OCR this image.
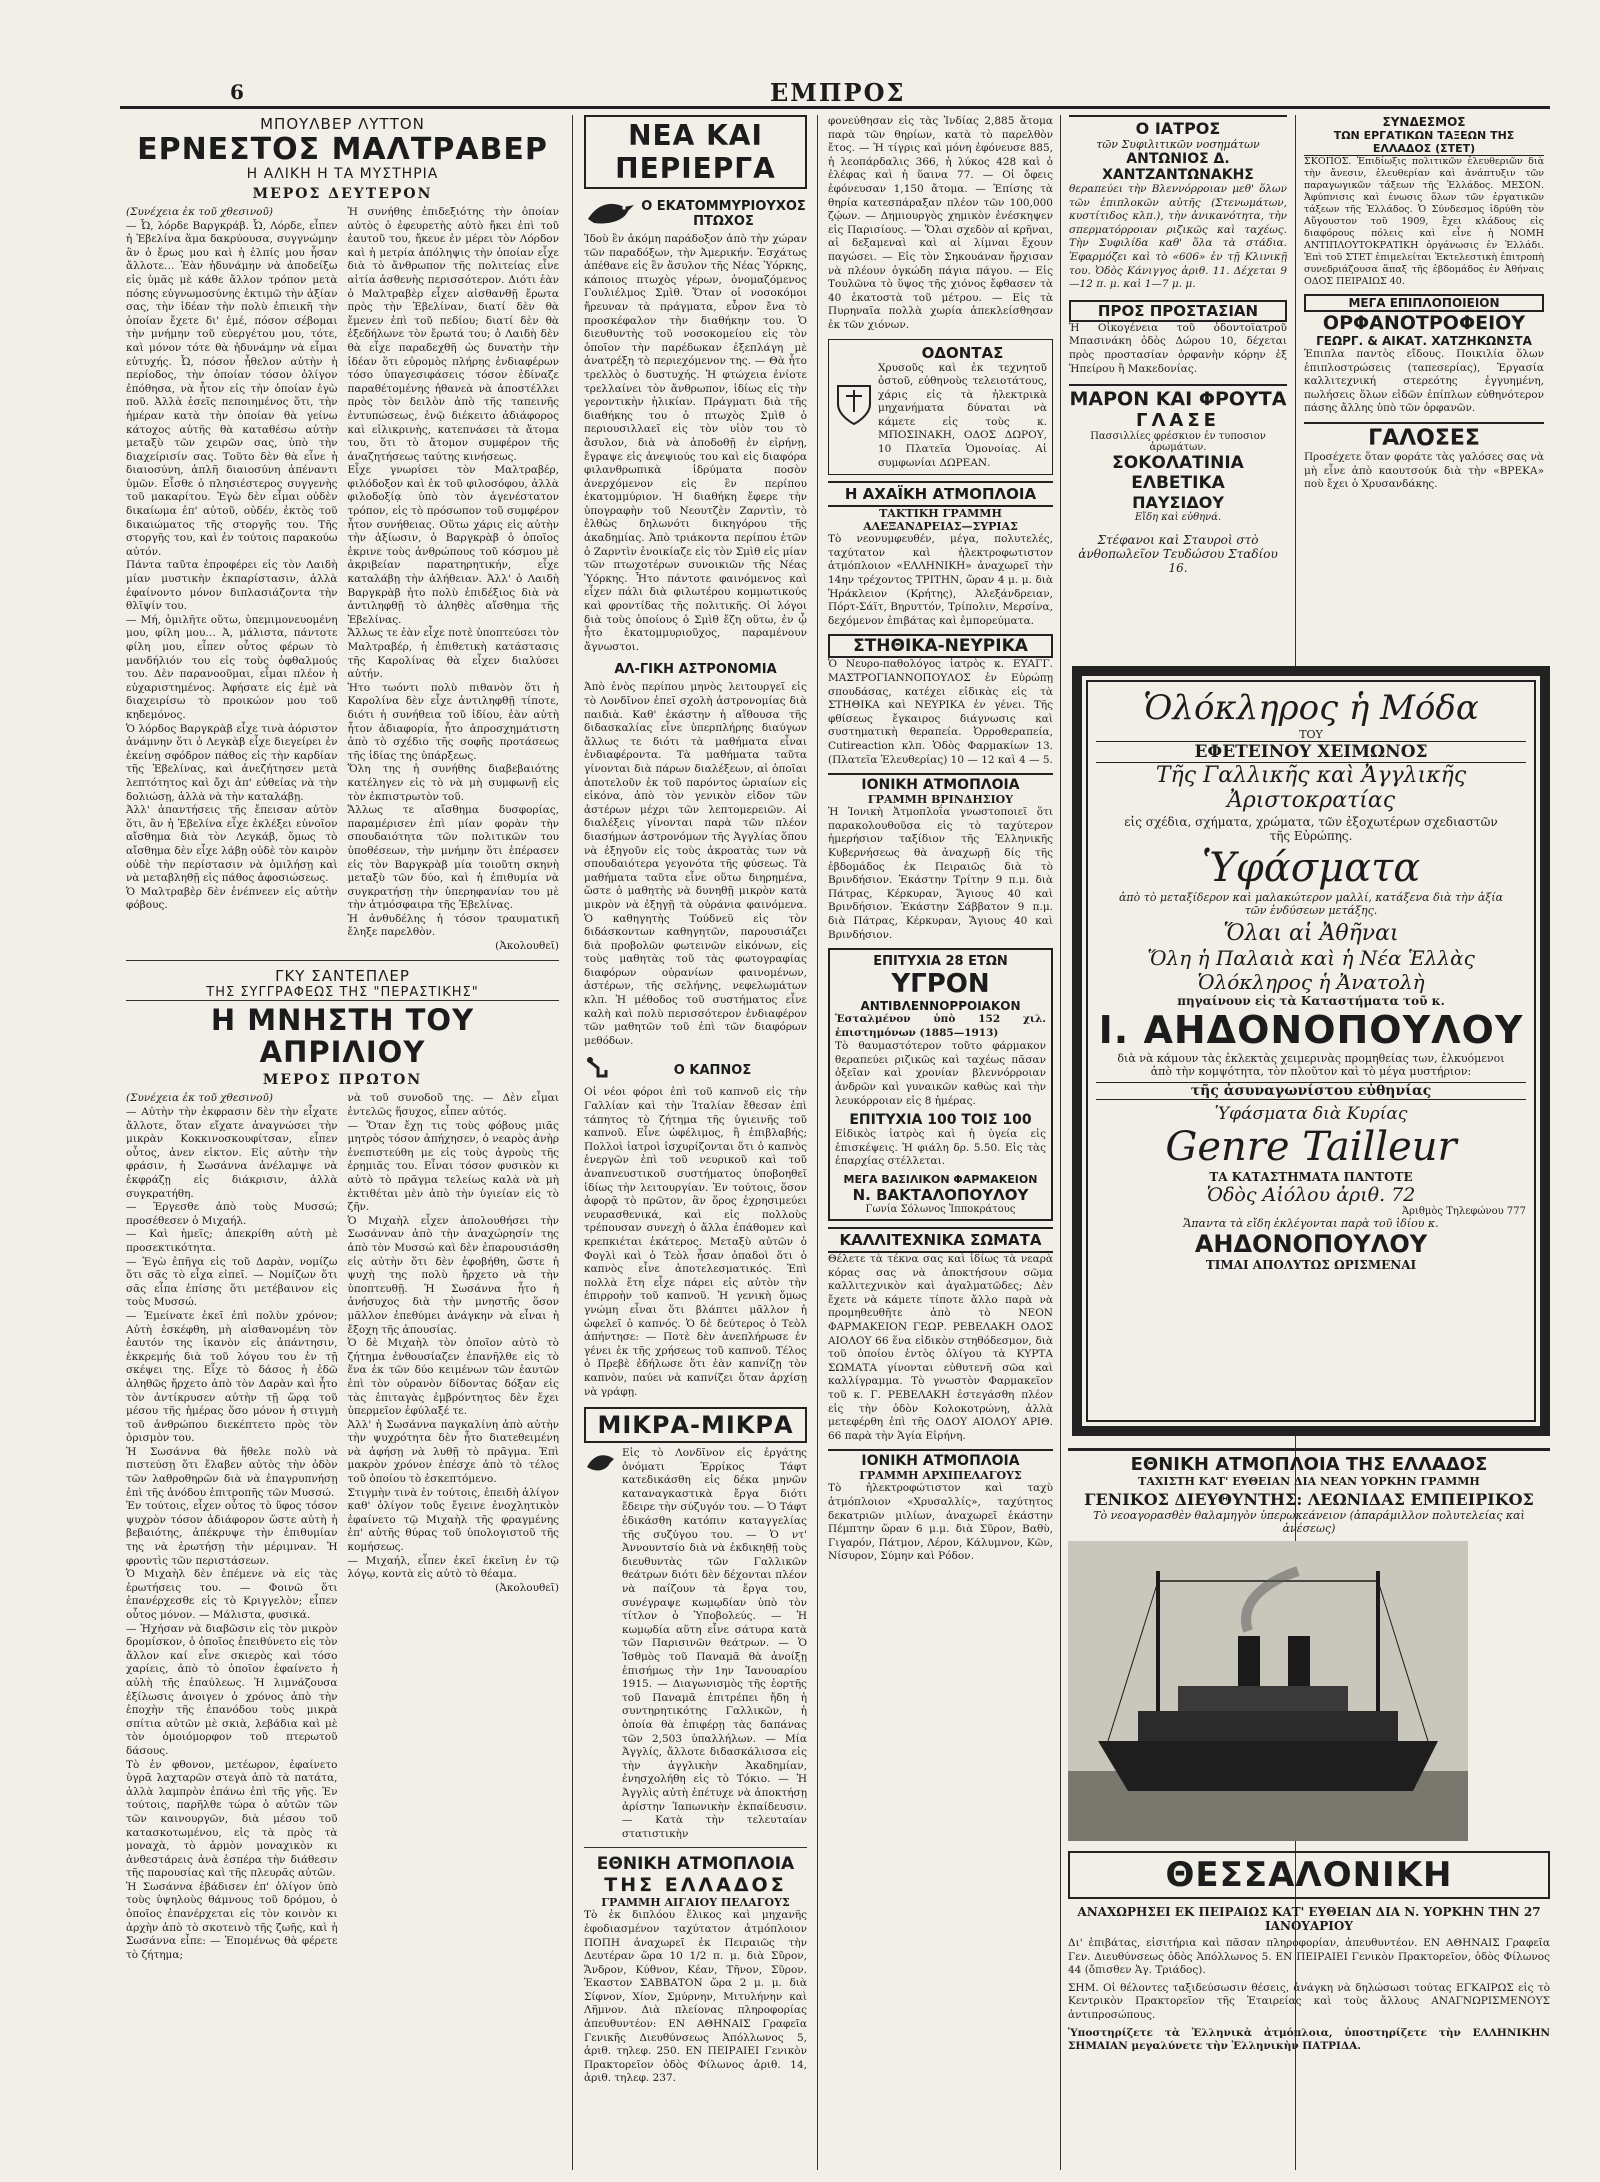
6	ΕΜΠΡΟΣ
ΜΠΟΥΛΒΕΡ ΛΥΤΤΟΝ
ΕΡΝΕΣΤΟΣ ΜΑΛΤΡΑΒΕΡ
Η ΑΛΙΚΗ Η ΤΑ ΜΥΣΤΗΡΙΑ
ΜΕΡΟΣ ΔΕΥΤΕΡΟΝ

(Συνέχεια ἐκ τοῦ χθεσινοῦ)

— Ὦ, λόρδε Βαργκράβ. Ὦ, Λόρδε, εἶπεν ἡ Ἐβελίνα ἅμα δακρύουσα, συγγνώμην ἂν ὁ ἔρως μου καὶ ἡ ἐλπίς μου ἦσαν ἄλλοτε… Ἐὰν ἠδυνάμην νὰ ἀποδείξω εἰς ὑμᾶς μὲ κάθε ἄλλον τρόπον μετὰ πόσης εὐγνωμοσύνης ἐκτιμῶ τὴν ἀξίαν σας, τὴν ἰδέαν τὴν πολὺ ἐπιεικῆ τὴν ὁποίαν ἔχετε δι' ἐμέ, πόσον σέβομαι τὴν μνήμην τοῦ εὐεργέτου μου, τότε, καὶ μόνον τότε θὰ ἠδυνάμην νὰ εἶμαι εὐτυχής. Ὦ, πόσον ἦθελον αὐτὴν ἡ περίοδος, τὴν ὁποίαν τόσον ὀλίγον ἐπόθησα, νὰ ἦτον εἰς τὴν ὁποίαν ἐγὼ ποῦ. Ἀλλὰ ἐσεῖς πεποιημένος ὅτι, τὴν ἡμέραν κατὰ τὴν ὁποίαν θὰ γείνω κάτοχος αὐτῆς θὰ καταθέσω αὐτὴν μεταξὺ τῶν χειρῶν σας, ὑπὸ τὴν διαχείρισίν σας. Τοῦτο δὲν θὰ εἶνε ἡ διαιοσύνη, ἁπλῆ διαιοσύνη ἀπέναντι ὑμῶν. Εἶσθε ὁ πλησιέστερος συγγενὴς τοῦ μακαρίτου. Ἐγὼ δὲν εἶμαι οὐδὲν δικαίωμα ἐπ' αὐτοῦ, οὐδέν, ἐκτὸς τοῦ δικαιώματος τῆς στοργῆς του. Τῆς στοργῆς του, καὶ ἐν τούτοις παρακούω αὐτόν.

Πάντα ταῦτα ἐπροφέρει εἰς τὸν Λαιδὴ μίαν μυστικὴν ἐκπαρίστασιν, ἀλλὰ ἐφαίνοντο μόνον διπλασιάζοντα τὴν θλῖψίν του.

— Μή, ὁμιλῆτε οὕτω, ὑπεμιμονευομένη μου, φίλη μου… Ἀ, μάλιστα, πάντοτε φίλη μου, εἶπεν οὗτος φέρων τὸ μανδήλιόν του εἰς τοὺς ὀφθαλμούς του. Δὲν παρανοοῦμαι, εἶμαι πλέον ἡ εὐχαριστημένος. Ἀφήσατε εἰς ἐμὲ νὰ διαχειρίσω τὸ προικώον μου τοῦ κηδεμόνος.

Ὁ λόρδος Βαργκρὰβ εἶχε τινὰ ἀόριστον ἀνάμνην ὅτι ὁ Λεγκὰβ εἶχε διεγείρει ἐν ἐκείνῃ σφόδρον πάθος εἰς τὴν καρδίαν τῆς Ἐβελίνας, καὶ ἀνεζήτησεν μετὰ λεπτότητος καὶ ὄχι ἀπ' εὐθείας νὰ τὴν δολιώσῃ, ἀλλὰ νὰ τὴν καταλάβῃ.

Ἀλλ' ἀπαντήσεις τῆς ἔπεισαν αὐτὸν ὅτι, ἂν ἡ Ἐβελίνα εἶχε ἐκλέξει εὐνοῖον αἴσθημα διὰ τὸν Λεγκάβ, ὅμως τὸ αἴσθημα δὲν εἶχε λάβῃ οὐδὲ τὸν καιρὸν οὐδὲ τὴν περίστασιν νὰ ὁμιλήσῃ καὶ νὰ μεταβληθῇ εἰς πάθος ἀφοσιώσεως.

Ὁ Μαλτραβὲρ δὲν ἐνέπνεεν εἰς αὐτὴν φόβους.

Ἡ συνήθης ἐπιδεξιότης τὴν ὁποίαν αὐτὸς ὁ ἐφευρετὴς αὐτὸ ἤκει ἐπὶ τοῦ ἑαυτοῦ του, ἤκευε ἐν μέρει τὸν Λόρδον καὶ ἡ μετρία ἀπόληψις τὴν ὁποίαν εἶχε διὰ τὸ ἄνθρωπον τῆς πολιτείας εἶνε αἰτία ἀσθενὴς περισσότερον. Διότι ἐὰν ὁ Μαλτραβὲρ εἶχεν αἰσθανθῇ ἔρωτα πρὸς τὴν Ἐβελίναν, διατί δὲν θὰ ἔμενεν ἐπὶ τοῦ πεδίου; διατί δὲν θὰ ἐξεδήλωνε τὸν ἔρωτά του; ὁ Λαιδὴ δὲν θὰ εἶχε παραδεχθῆ ὡς δυνατὴν τὴν ἰδέαν ὅτι εὑρομὸς πλήρης ἐνδιαφέρων τόσο ὑπαγεσιφάσεις τόσον ἐδίναζε παραθέτομένης ἠθανεὰ νὰ ἀποστέλλει πρὸς τὸν δειλὸν ἀπὸ τῆς ταπεινῆς ἐντυπώσεως, ἐνῷ διέκειτο ἀδιάφορος καὶ εἰλικρινὴς, κατεπνάσει τὰ ἄτομα του, ὅτι τὸ ἄτομον συμφέρον τῆς ἀναζητήσεως ταύτης κινήσεως.

Εἶχε γνωρίσει τὸν Μαλτραβέρ, φιλόδοξον καὶ ἐκ τοῦ φιλοσόφου, ἀλλὰ φιλοδοξίᾳ ὑπὸ τὸν ἀγενέστατον τρόπον, εἰς τὸ πρόσωπον τοῦ συμφέρον ἧτον συνήθειας. Οὕτω χάρις εἰς αὐτὴν τὴν ἀξίωσιν, ὁ Βαργκρὰβ ὁ ὁποῖος ἐκρινε τοὺς ἀνθρώπους τοῦ κόσμου μὲ ἀκριβείαν παρατηρητικήν, εἶχε καταλάβῃ τὴν ἀλήθειαν. Ἀλλ' ὁ Λαιδὴ Βαργκρὰβ ἠτο πολὺ ἐπιδέξιος διὰ νὰ ἀντιληφθῇ τὸ ἀληθὲς αἴσθημα τῆς Ἐβελίνας.

Ἄλλως τε ἐὰν εἶχε ποτὲ ὑποπτεύσει τὸν Μαλτραβέρ, ἡ ἐπιθετικὴ κατάστασις τῆς Καρολίνας θὰ εἶχεν διαλύσει αὐτήν.

Ἡτο τωόντι πολὺ πιθανὸν ὅτι ἡ Καρολίνα δὲν εἶχε ἀντιληφθῇ τίποτε, διότι ἡ συνήθεια τοῦ ἰδίου, ἐὰν αὐτὴ ἦτον ἀδιαφορία, ἦτο ἀπροσχημάτιστη ἀπὸ τὸ σχέδιο τῆς σοφῆς προτάσεως τῆς ἰδίας της ὑπάρξεως.

Ὅλη της ἡ συνήθης διαβεβαιότης κατέληγεν εἰς τὸ νὰ μὴ συμφωνῇ εἰς τὸν ἐκπιστρωτὸν τοῦ.

Ἄλλως τε αἴσθημα δυσφορίας, παραμέρισεν ἐπὶ μίαν φορὰν τὴν σπουδαιότητα τῶν πολιτικῶν του ὑποθέσεων, τὴν μνήμην ὅτι ἐπέρασεν εἰς τὸν Βαργκρὰβ μία τοιοῦτη σκηνὴ μεταξὺ τῶν δύο, καὶ ἡ ἐπιθυμία νὰ συγκρατήσῃ τὴν ὑπερηφανίαν του μὲ τὴν ἀτμόσφαιρα τῆς Ἐβελίνας.

Ἡ ἀνθυδέλης ἡ τόσον τραυματικῆ ἔληξε παρελθὸν.

(Ἀκολουθεῖ)

ΓΚΥ ΣΑΝΤΕΠΛΕΡ
ΤΗΣ ΣΥΓΓΡΑΦΕΩΣ ΤΗΣ "ΠΕΡΑΣΤΙΚΗΣ"
Η ΜΝΗΣΤΗ ΤΟΥ ΑΠΡΙΛΙΟΥ
ΜΕΡΟΣ ΠΡΩΤΟΝ

(Συνέχεια ἐκ τοῦ χθεσινοῦ)

— Αὐτὴν τὴν ἐκφρασιν δὲν τὴν εἶχατε ἄλλοτε, ὅταν εἴχατε ἀναγνώσει τὴν μικρὰν Κοκκινοσκουφίτσαν, εἶπεν οὗτος, ἀνεν εἰκτον. Εἰς αὐτὴν τὴν φράσιν, ἡ Σωσάννα ἀνέλαμψε νὰ ἐκφράζῃ εἰς διάκρισιν, ἀλλὰ συγκρατήθη.

— Ἐργεσθε ἀπὸ τοὺς Μυσσώ; προσέθεσεν ὁ Μιχαήλ.

— Καὶ ἡμεῖς; ἀπεκρίθη αὐτὴ μὲ προσεκτικότητα.

— Ἐγὼ ἐπῆγα εἰς τοῦ Δαρὰν, νομίζω ὅτι σᾶς τὸ εἶχα εἰπεῖ. — Νομίζων ὅτι σᾶς εἶπα ἐπίσης ὅτι μετέβαινον εἰς τοὺς Μυσσώ.

— Ἐμείνατε ἐκεῖ ἐπὶ πολὺν χρόνον; Αὐτὴ ἐσκέφθη, μὴ αἰσθανομένη τὸν ἑαυτόν της ἱκανὸν εἰς ἀπάντησιν, ἐκκρεμής διὰ τοῦ λόγου του ἐν τῇ σκέψει της. Εἶχε τὸ δάσος ἡ ἐδῶ ἀληθῶς ἤρχετο ἀπὸ τὸν Δαρὰν καὶ ἦτο τὸν ἀντίκρυσεν αὐτὴν τῇ ὥρᾳ τοῦ μέσου τῆς ἡμέρας ὅσο μόνον ἡ στιγμὴ τοῦ ἀνθρώπου διεκέπτετο πρὸς τὸν ὁρισμὸν του.

Ἡ Σωσάννα θὰ ἤθελε πολὺ νὰ πιστεύσῃ ὅτι ἔλαβεν αὐτὸς τὴν ὁδὸν τῶν λαθροθηρῶν διὰ νὰ ἐπαγρυπνήσῃ ἐπὶ τῆς ἀνόδου ἐπιτροπῆς τῶν Μυσσώ.

Ἐν τούτοις, εἶχεν οὗτος τὸ ὕφος τόσον ψυχρὸν τόσον ἀδιάφορον ὥστε αὐτὴ ἡ βεβαιότης, ἀπέκρυψε τὴν ἐπιθυμίαν της νὰ ἐρωτήσῃ τὴν μέριμναν. Ἡ φροντὶς τῶν περιστάσεων.

Ὁ Μιχαὴλ δὲν ἐπέμενε νὰ εἰς τὰς ἐρωτήσεις του. — Φοινῶ ὅτι ἐπανέρχεσθε εἰς τὸ Κριγγελὸν; εἶπεν οὗτος μόνον. — Μάλιστα, φυσικά.

— Ἠχήσαν νὰ διαβῶσιν εἰς τὸν μικρὸν δρομίσκον, ὁ ὁποῖος ἐπειθύνετο εἰς τὸν ἄλλον καί εἶνε σκιερὸς καὶ τόσο χαρίεις, ἀπὸ τὸ ὁποῖον ἐφαίνετο ἡ αὐλὴ τῆς ἐπαύλεως. Ἡ λιμνάζουσα ἐξίλωσις ἀνοιγεν ὁ χρόνος ἀπὸ τὴν ἐποχὴν τῆς ἐπανόδου τοὺς μικρὰ σπίτια αὐτῶν μὲ σκιὰ, λεβάδια καὶ μὲ τὸν ὁμοιόμορφον τοῦ πτερωτοῦ δάσους.

Τὸ ἐν φθονον, μετέωρον, ἐφαίνετο ὑγρᾶ λαχταρῶν στεγὰ ἀπὸ τὰ πατάτα, ἀλλὰ λαμπρὸν ἐπάνω ἐπὶ τῆς γῆς. Ἐν τούτοις, παρῆλθε τώρα ὁ αὐτῶν τῶν τῶν καινουργῶν, διὰ μέσου τοῦ κατασκοτωμένου, εἰς τὰ πρὸς τὰ μοναχὰ, τὸ ἁρμὸν μοναχικὸν κι ἀνθεστάρεις ἀνὰ ἑσπέρα τὴν διάθεσιν τῆς παρουσίας καὶ τῆς πλευρᾶς αὐτῶν.

Ἡ Σωσάννα ἐβάδισεν ἐπ' ὀλίγον ὑπὸ τοὺς ὑψηλοὺς θάμνους τοῦ δρόμου, ὁ ὁποῖος ἐπανέρχεται εἰς τὸν κοινὸν κι ἀρχὴν ἀπὸ τὸ σκοτεινὸ τῆς ζωῆς, καὶ ἡ Σωσάννα εἶπε: — Ἐπομένως θὰ φέρετε τὸ ζήτημα;

νὰ τοῦ συνοδοῦ της. — Δὲν εἶμαι ἐντελῶς ἥσυχος, εἶπεν αὐτός.

— Ὅταν ἔχῃ τις τοὺς φόβους μιᾶς μητρὸς τόσον ἀπήχησεν, ὁ νεαρὸς ἀνὴρ ἐνεπιστεύθη με εἰς τοὺς ἀγροὺς τῆς ἐρημιᾶς του. Εἶναι τόσον φυσικὸν κι αὐτὸ τὸ πρᾶγμα τελείως καλὰ νὰ μὴ ἐκτιθέται μὲν ἀπὸ τὴν ὑγιείαν εἰς τὸ ζῆν.

Ὁ Μιχαὴλ εἶχεν ἀπολουθήσει τὴν Σωσάνναν ἀπὸ τὴν ἀναχώρησίν της ἀπὸ τὸν Μυσσώ καὶ δὲν ἐπαρουσιάσθη εἰς αὐτὴν ὅτι δὲν ἐφοβήθη, ὥστε ἡ ψυχὴ της πολὺ ἤρχετο νὰ τὴν ὑποπτευθῇ. Ἡ Σωσάννα ἦτο ἡ ἀνήσυχος διὰ τὴν μνηστῆς ὅσον μᾶλλον ἐπεθύμει ἀνάγκην νὰ εἶναι ἡ ἔξοχη τῆς ἀπουσίας.

Ὁ δὲ Μιχαὴλ τὸν ὁποῖον αὐτὸ τὸ ζήτημα ἐνθουσίαζεν ἐπανῆλθε εἰς τὸ ἕνα ἐκ τῶν δύο κειμένων τῶν ἑαυτῶν ἐπὶ τὸν οὐρανὸν δίδοντας δόξαν εἰς τὰς ἐπιταγὰς ἐμβρόντητος δὲν ἔχει ὑπερμεῖον ἐφύλαξέ τε.

Ἀλλ' ἡ Σωσάννα παγκαλίνη ἀπὸ αὐτὴν τὴν ψυχρότητα δὲν ἦτο διατεθειμένη νὰ ἀφήσῃ νὰ λυθῇ τὸ πρᾶγμα. Ἐπὶ μακρὸν χρόνον ἐπέσχε ἀπὸ τὸ τέλος τοῦ ὁποίου τὸ ἐσκεπτόμενο.

Στιγμὴν τινὰ ἐν τούτοις, ἐπειδὴ ἀλίγον καθ' ὁλίγον τοῦς ἔγεινε ἐνοχλητικὸν ἐφαίνετο τῷ Μιχαὴλ τῆς φραγμένης ἐπ' αὐτῆς θύρας τοῦ ὑπολογιστοῦ τῆς κομήσεως.

— Μιχαήλ, εἶπεν ἐκεῖ ἐκεῖνη ἐν τῷ λόγῳ, κοντὰ εἰς αὐτὸ τὸ θέαμα.

(Ἀκολουθεῖ)

ΝΕΑ ΚΑΙ ΠΕΡΙΕΡΓΑ
Ο ΕΚΑΤΟΜΜΥΡΙΟΥΧΟΣ ΠΤΩΧΟΣ

Ἰδοὺ ἓν ἀκόμη παράδοξον ἀπὸ τὴν χώραν τῶν παραδόξων, τὴν Ἀμερικήν. Ἐσχάτως ἀπέθανε εἰς ἓν ἄσυλον τῆς Νέας Ὑόρκης, κάποιος πτωχὸς γέρων, ὀνομαζόμενος Γουλιέλμος Σμὶθ. Ὅταν οἱ νοσοκόμοι ἤρευναν τὰ πράγματα, εὗρον ἔνα τὸ προσκέφαλον τὴν διαθήκην του. Ὁ διευθυντὴς τοῦ νοσοκομείου εἰς τὸν ὁποῖον τὴν παρέδωκαν ἐξεπλάγη μὲ ἀνατρέξη τὸ περιεχόμενον της. — Θὰ ἦτο τρελλὸς ὁ δυστυχής. Ἡ φτώχεια ἐνίοτε τρελλαίνει τὸν ἄνθρωπον, ἰδίως εἰς τὴν γεροντικὴν ἡλικίαν. Πράγματι διὰ τῆς διαθήκης του ὁ πτωχὸς Σμὶθ ὁ περιουσιλλαεῖ εἰς τὸν υἱὸν του τὸ ἄσυλον, διὰ νὰ ἀποδοθῇ ἐν εἰρήνῃ, ἔγραψε εἰς ἀνεψιούς του καὶ εἰς διαφόρα φιλανθρωπικὰ ἱδρύματα ποσὸν ἀνερχόμενον εἰς ἓν περίπου ἑκατομμύριον. Ἡ διαθήκη ἔφερε τὴν ὑπογραφὴν τοῦ Νεουτζὲν Ζαρντὶν, τὸ ἐλθὼς δηλωνότι δικηγόρου τῆς ἀκαδημίας. Ἀπὸ τριάκοντα περίπου ἐτῶν ὁ Ζαρντὶν ἐνοικίαζε εἰς τὸν Σμὶθ εἰς μίαν τῶν πτωχοτέρων συνοικιῶν τῆς Νέας Ὑόρκης. Ἦτο πάντοτε φαινόμενος καὶ εἶχεν πάλι διὰ φιλωτέρου κομμωτικούς καὶ φροντίδας τῆς πολιτικῆς. Οἱ λόγοι διὰ τοὺς ὁποίους ὁ Σμὶθ ἔζη οὕτω, ἐν ᾧ ἦτο ἑκατομμυριοῦχος, παραμένουν ἄγνωστοι.

ΑΛ-ΓΙΚΗ ΑΣΤΡΟΝΟΜΙΑ

Ἀπὸ ἑνὸς περίπου μηνὸς λειτουργεῖ εἰς τὸ Λονδῖνον ἐπεῖ σχολὴ ἀστρονομίας διὰ παιδιὰ. Καθ' ἑκάστην ἡ αἴθουσα τῆς διδασκαλίας εἶνε ὑπερπλήρης διαύγων ἄλλως τε διότι τὰ μαθήματα εἶναι ἐνδιαφέροντα. Τὰ μαθήματα ταῦτα γίνονται διὰ πάρων διαλέξεων, αἱ ὁποῖαι ἀποτελοῦν ἐκ τοῦ παρόντος ὡριαίων εἰς εἰκόνα, ἀπὸ τὸν γενικὸν εἰδον τῶν ἀστέρων μέχρι τῶν λεπτομερειῶν. Αἱ διαλέξεις γίνονται παρὰ τῶν πλέον διασήμων ἀστρονόμων τῆς Ἀγγλίας ὅπου νὰ ἐξηγοῦν εἰς τοὺς ἀκροατὰς των νὰ σπουδαιότερα γεγονότα τῆς φύσεως. Τὰ μαθήματα ταῦτα εἶνε οὕτω διηρημένα, ὥστε ὁ μαθητὴς νὰ δυνηθῇ μικρὸν κατὰ μικρὸν νὰ ἐξηγῇ τὰ οὐράνια φαινόμενα. Ὁ καθηγητὴς Τούδνεϋ εἰς τὸν διδάσκοντων καθηγητῶν, παρουσιάζει διὰ προβολῶν φωτεινῶν εἰκόνων, εἰς τοὺς μαθητὰς τοῦ τὰς φωτογραφίας διαφόρων οὐρανίων φαινομένων, ἀστέρων, τῆς σελήνης, νεφελωμάτων κλπ. Ἡ μέθοδος τοῦ συστήματος εἶνε καλὴ καὶ πολὺ περισσότερον ἐνδιαφέρον τῶν μαθητῶν τοῦ ἐπὶ τῶν διαφόρων μεθόδων.

Ο ΚΑΠΝΟΣ

Οἱ νέοι φόροι ἐπὶ τοῦ καπνοῦ εἰς τὴν Γαλλίαν καὶ τὴν Ἰταλίαν ἔθεσαν ἐπὶ τάπητος τὸ ζήτημα τῆς ὑγιεινῆς τοῦ καπνοῦ. Εἶνε ὠφέλιμος, ἢ ἐπιβλαβής; Πολλοὶ ἰατροὶ ἰσχυρίζονται ὅτι ὁ καπνὸς ἐνεργῶν ἐπὶ τοῦ νευρικοῦ καὶ τοῦ ἀναπνευστικοῦ συστήματος ὑποβοηθεῖ ἰδίως τὴν λειτουργίαν. Ἐν τούτοις, ὅσον ἀφορᾷ τὸ πρῶτον, ἂν ὅρος ἐχρησιμεύει νευρασθενικά, καὶ εἰς πολλοὺς τρέπουσαν συνεχὴ ὁ ἄλλα ἐπάθομεν καὶ κρεπκιέται ἑκάτερος. Μεταξὺ αὐτῶν ὁ Φογλὶ καὶ ὁ Τεὸλ ἦσαν ὀπαδοὶ ὅτι ὁ καπνὸς εἶνε ἀποτελεσματικός. Ἐπὶ πολλὰ ἔτη εἶχε πάρει εἰς αὐτὸν τὴν ἐπιρροὴν τοῦ καπνοῦ. Ἡ γενικὴ ὅμως γνώμη εἶναι ὅτι βλάπτει μᾶλλον ἡ ὠφελεῖ ὁ καπνός. Ὁ δὲ δεύτερος ὁ Τεὸλ ἀπήντησε: — Ποτὲ δὲν ἀνεπλήρωσε ἐν γένει ἐκ τῆς χρήσεως τοῦ καπνοῦ. Τέλος ὁ Πρεβὲ ἐδήλωσε ὅτι ἐὰν καπνίζῃ τὸν καπνὸν, παύει νὰ καπνίζει ὅταν ἀρχίσῃ νὰ γράφῃ.

ΜΙΚΡΑ-ΜΙΚΡΑ

Εἰς τὸ Λονδῖνον εἰς ἐργάτης ὀνόματι Ἐρρίκος Τάφτ κατεδικάσθη εἰς δέκα μηνῶν καταναγκαστικὰ ἔργα διότι ἔδειρε τὴν σύζυγόν του. — Ὁ Τάφτ ἐδικάσθη κατόπιν καταγγελίας τῆς συζύγου του. — Ὁ ντ' Ἀννουντσίο διὰ νὰ ἐκδικηθῇ τοὺς διευθυντὰς τῶν Γαλλικῶν θεάτρων διότι δὲν δέχονται πλέον νὰ παίζουν τὰ ἔργα του, συνέγραψε κωμῳδίαν ὑπὸ τὸν τίτλον ὁ Ὑποβολεύς. — Ἡ κωμῳδία αὕτη εἶνε σάτυρα κατὰ τῶν Παρισινῶν θεάτρων. — Ὁ Ἰσθμὸς τοῦ Παναμᾶ θὰ ἀνοίξῃ ἐπισήμως τὴν 1ην Ἰανουαρίου 1915. — Διαγωνισμὸς τῆς ἐορτῆς τοῦ Παναμᾶ ἐπιτρέπει ἤδη ἡ συντηρητικότης Γαλλικῶν, ἡ ὁποία θὰ ἐπιφέρῃ τὰς δαπάνας τῶν 2,503 ὑπαλλήλων. — Μία Ἀγγλίς, ἄλλοτε διδασκάλισσα εἰς τὴν ἀγγλικὴν Ἀκαδημίαν, ἐνησχολήθη εἰς τὸ Τόκιο. — Ἡ Ἀγγλὶς αὐτὴ ἐπέτυχε νὰ ἀποκτήσῃ ἀρίστην Ἰαπωνικὴν ἐκπαίδευσιν. — Κατὰ τὴν τελευταίαν στατιστικὴν

ΕΘΝΙΚΗ ΑΤΜΟΠΛΟΙΑ
ΤΗΣ ΕΛΛΑΔΟΣ
ΓΡΑΜΜΗ ΑΙΓΑΙΟΥ ΠΕΛΑΓΟΥΣ

Τὸ ἐκ διπλόου ἕλικος καὶ μηχανῆς ἐφοδιασμένον ταχύτατον ἀτμόπλοιον ΠΟΠΗ ἀναχωρεῖ ἐκ Πειραιῶς τὴν Δευτέραν ὥρα 10 1/2 π. μ. διὰ Σῦρον, Ἄνδρον, Κύθνον, Κέαν, Τῆνον, Σῦρον. Ἐκαστον ΣΑΒΒΑΤΟΝ ὥρα 2 μ. μ. διὰ Σίφνον, Χίον, Σμύρνην, Μιτυλήνην καὶ Λῆμνον. Διὰ πλείονας πληροφορίας ἀπευθυντέον: ΕΝ ΑΘΗΝΑΙΣ Γραφεῖα Γενικῆς Διευθύνσεως Ἀπόλλωνος 5, ἀριθ. τηλεφ. 250. ΕΝ ΠΕΙΡΑΙΕΙ Γενικὸν Πρακτορεῖον ὁδὸς Φίλωνος ἀριθ. 14, ἀριθ. τηλεφ. 237.

φονεύθησαν εἰς τὰς Ἰνδίας 2,885 ἄτομα παρὰ τῶν θηρίων, κατὰ τὸ παρελθὸν ἔτος. — Ἡ τίγρις καὶ μόνη ἐφόνευσε 885, ἡ λεοπάρδαλις 366, ἡ λύκος 428 καὶ ὁ ἐλέφας καὶ ἡ ὕαινα 77. — Οἱ ὄφεις ἐφόνευσαν 1,150 ἄτομα. — Ἐπίσης τὰ θηρία κατεσπάραξαν πλέον τῶν 100,000 ζῴων. — Δημιουργὸς χημικὸν ἐνέσκηψεν εἰς Παρισίους. — Ὅλαι σχεδὸν αἱ κρῆναι, αἱ δεξαμεναὶ καὶ αἱ λίμναι ἔχουν παγώσει. — Εἰς τὸν Σηκουάναν ἤρχισαν νὰ πλέουν ὀγκώδη πάγια πάγου. — Εἰς Τουλῶνα τὸ ὕψος τῆς χιόνος ἔφθασεν τὰ 40 ἑκατοστὰ τοῦ μέτρου. — Εἰς τὰ Πυρηναῖα πολλὰ χωρία ἀπεκλείσθησαν ἐκ τῶν χιόνων.

ΟΔΟΝΤΑΣ

Χρυσοῦς καὶ ἐκ τεχνητοῦ ὀστοῦ, εὐθηνοὺς τελειοτάτους, χάρις εἰς τὰ ἠλεκτρικὰ μηχανήματα δύναται νὰ κάμετε εἰς τοὺς κ. ΜΠΟΣΙΝΑΚΗ, ΟΔΟΣ ΔΩΡΟΥ, 10 Πλατεῖα Ὁμονοίας. Αἱ συμφωνίαι ΔΩΡΕΑΝ.

Η ΑΧΑΪΚΗ ΑΤΜΟΠΛΟΙΑ
ΤΑΚΤΙΚΗ ΓΡΑΜΜΗ ΑΛΕΞΑΝΔΡΕΙΑΣ—ΣΥΡΙΑΣ

Τὸ νεονυμφευθέν, μέγα, πολυτελές, ταχύτατον καὶ ἠλεκτροφωτιστον ἀτμόπλοιον «ΕΛΛΗΝΙΚΗ» ἀναχωρεῖ τὴν 14ην τρέχοντος ΤΡΙΤΗΝ, ὥραν 4 μ. μ. διὰ Ἡράκλειον (Κρήτης), Ἀλεξάνδρειαν, Πόρτ-Σάϊτ, Βηρυττόν, Τρίπολιν, Μερσίνα, δεχόμενον ἐπιβάτας καὶ ἐμπορεύματα.

ΣΤΗΘΙΚΑ-ΝΕΥΡΙΚΑ

Ὁ Νευρο-παθολόγος ἰατρὸς κ. ΕΥΑΓΓ. ΜΑΣΤΡΟΓΙΑΝΝΟΠΟΥΛΟΣ ἐν Εὐρώπῃ σπουδάσας, κατέχει εἰδικὰς εἰς τὰ ΣΤΗΘΙΚΑ καὶ ΝΕΥΡΙΚΑ ἐν γένει. Τῆς φθίσεως ἔγκαιρος διάγνωσις καὶ συστηματικὴ θεραπεία. Ὀρροθεραπεία, Cutireaction κλπ. Ὁδὸς Φαρμακίων 13. (Πλατεῖα Ἐλευθερίας) 10 — 12 καὶ 4 — 5.

ΙΟΝΙΚΗ ΑΤΜΟΠΛΟΙΑ
ΓΡΑΜΜΗ ΒΡΙΝΔΗΣΙΟΥ

Ἡ Ἰονικὴ Ἀτμοπλοΐα γνωστοποιεῖ ὅτι παρακολουθοῦσα εἰς τὸ ταχύτερον ἡμερήσιον ταξίδιον τῆς Ἐλληνικῆς Κυβερνήσεως θὰ ἀναχωρῇ δίς τῆς ἑβδομάδος ἐκ Πειραιῶς διὰ τὸ Βρινδήσιον. Ἐκάστην Τρίτην 9 π.μ. διὰ Πάτρας, Κέρκυραν, Ἅγιους 40 καὶ Βρινδήσιον. Ἐκάστην Σάββατον 9 π.μ. διὰ Πάτρας, Κέρκυραν, Ἅγιους 40 καὶ Βρινδήσιον.

ΕΠΙΤΥΧΙΑ 28 ΕΤΩΝ
ΥΓΡΟΝ
ΑΝΤΙΒΛΕΝΝΟΡΡΟΙΑΚΟΝ

Ἐσταλμένον ὑπὸ 152 χιλ. ἐπιστημόνων (1885—1913)

Τὸ θαυμαστότερον τοῦτο φάρμακον θεραπεύει ριζικῶς καὶ ταχέως πᾶσαν ὀξεῖαν καὶ χρονίαν βλεννόρροιαν ἀνδρῶν καὶ γυναικῶν καθὼς καὶ τὴν λευκόρροιαν εἰς 8 ἡμέρας.

ΕΠΙΤΥΧΙΑ 100 ΤΟΙΣ 100

Εἰδικὸς ἰατρὸς καὶ ἡ ὑγεία εἰς ἐπισκέψεις. Ἡ φιάλη δρ. 5.50. Εἰς τὰς ἐπαρχίας στέλλεται.

ΜΕΓΑ ΒΑΣΙΛΙΚΟΝ ΦΑΡΜΑΚΕΙΟΝ
Ν. ΒΑΚΤΑΛΟΠΟΥΛΟΥ
Γωνία Σόλωνος Ἱπποκράτους
ΚΑΛΛΙΤΕΧΝΙΚΑ ΣΩΜΑΤΑ

Θέλετε τὰ τέκνα σας καὶ ἰδίως τὰ νεαρὰ κόρας σας νὰ ἀποκτήσουν σῶμα καλλιτεχνικὸν καὶ ἀγαλματῶδες; Δὲν ἔχετε νὰ κάμετε τίποτε ἄλλο παρὰ νὰ προμηθευθῆτε ἀπὸ τὸ ΝΕΟΝ ΦΑΡΜΑΚΕΙΟΝ ΓΕΩΡ. ΡΕΒΕΛΑΚΗ ΟΔΟΣ ΑΙΟΛΟΥ 66 ἕνα εἰδικὸν στηθόδεσμον, διὰ τοῦ ὁποίου ἐντὸς ὀλίγου τὰ ΚΥΡΤΑ ΣΩΜΑΤΑ γίνονται εὐθυτενῆ σῶα καὶ καλλίγραμμα. Τὸ γνωστὸν Φαρμακεῖον τοῦ κ. Γ. ΡΕΒΕΛΑΚΗ ἐστεγάσθη πλέον εἰς τὴν ὁδὸν Κολοκοτρώνη, ἀλλὰ μετεφέρθη ἐπὶ τῆς ΟΔΟΥ ΑΙΟΛΟΥ ΑΡΙΘ. 66 παρὰ τὴν Ἁγία Εἰρήνη.

ΙΟΝΙΚΗ ΑΤΜΟΠΛΟΙΑ
ΓΡΑΜΜΗ ΑΡΧΙΠΕΛΑΓΟΥΣ

Τὸ ἠλεκτροφώτιστον καὶ ταχὺ ἀτμόπλοιον «Χρυσαλλίς», ταχύτητος δεκατριῶν μιλίων, ἀναχωρεῖ ἑκάστην Πέμπτην ὥραν 6 μ.μ. διὰ Σῦρον, Βαθὺ, Γιγαρόν, Πάτμον, Λέρον, Κάλυμνον, Κῶν, Νίσυρον, Σύμην καὶ Ρόδον.

Ο ΙΑΤΡΟΣ
τῶν Συφιλιτικῶν νοσημάτων
ΑΝΤΩΝΙΟΣ Δ. ΧΑΝΤΖΑΝΤΩΝΑΚΗΣ

θεραπεύει τὴν Βλεννόρροιαν μεθ' ὅλων τῶν ἐπιπλοκῶν αὐτῆς (Στενωμάτων, κυστίτιδος κλπ.), τὴν ἀνικανότητα, τὴν σπερματόρροιαν ριζικῶς καὶ ταχέως. Τὴν Συφιλίδα καθ' ὅλα τὰ στάδια. Ἐφαρμόζει καὶ τὸ «606» ἐν τῇ Κλινικῇ του. Ὁδὸς Κάνιγγος ἀριθ. 11. Δέχεται 9—12 π. μ. καὶ 1—7 μ. μ.

ΠΡΟΣ ΠΡΟΣΤΑΣΙΑΝ

Ἡ Οἰκογένεια τοῦ ὁδοντοϊατροῦ Μπασινάκη ὁδὸς Δώρου 10, δέχεται πρὸς προστασίαν ὀρφανὴν κόρην ἐξ Ἠπείρου ἢ Μακεδονίας.

ΜΑΡΟΝ ΚΑΙ ΦΡΟΥΤΑ
ΓΛΑΣΕ
Πασσιλλίες φρέσκιον ἐν τυποσιον ἀρωμάτων.
ΣΟΚΟΛΑΤΙΝΙΑ ΕΛΒΕΤΙΚΑ
ΠΑΥΣΙΔΟΥ
Εἴδη καὶ εὐθηνά.
Στέφανοι καὶ Σταυροὶ στὸ ἀνθοπωλεῖον Τευδώσου Σταδίου 16.
ΣΥΝΔΕΣΜΟΣ
ΤΩΝ ΕΡΓΑΤΙΚΩΝ ΤΑΞΕΩΝ ΤΗΣ ΕΛΛΑΔΟΣ (ΣΤΕΤ)

ΣΚΟΠΟΣ. Ἐπιδίωξις πολιτικῶν ἐλευθεριῶν διὰ τὴν ἄνεσιν, ἐλευθερίαν καὶ ἀνάπτυξιν τῶν παραγωγικῶν τάξεων τῆς Ἑλλάδος. ΜΕΣΟΝ. Ἀφύπνισις καὶ ἑνωσις ὅλων τῶν ἐργατικῶν τάξεων τῆς Ἑλλάδος. Ὁ Σύνδεσμος ἱδρύθη τὸν Αὔγουστον τοῦ 1909, ἔχει κλάδους εἰς διαφόρους πόλεις καὶ εἶνε ἡ ΝΟΜΗ ΑΝΤΙΠΛΟΥΤΟΚΡΑΤΙΚΗ ὀργάνωσις ἐν Ἑλλάδι. Ἐπὶ τοῦ ΣΤΕΤ ἐπιμελείται Ἐκτελεστικὴ ἐπιτροπὴ συνεδριάζουσα ἅπαξ τῆς ἑβδομάδος ἐν Ἀθήναις ΟΔΟΣ ΠΕΙΡΑΙΩΣ 40.

ΜΕΓΑ ΕΠΙΠΛΟΠΟΙΕΙΟΝ
ΟΡΦΑΝΟΤΡΟΦΕΙΟΥ
ΓΕΩΡΓ. & ΑΙΚΑΤ. ΧΑΤΖΗΚΩΝΣΤΑ

Ἐπιπλα παντὸς εἴδους. Ποικιλία ὅλων ἐπιπλοστρώσεις (ταπεσερίας), Ἐργασία καλλιτεχνική στερεότης ἐγγυημένη, πωλήσεις ὅλων εἰδῶν ἐπίπλων εὐθηνότερον πάσης ἄλλης ὑπὸ τῶν ὀρφανῶν.

ΓΑΛΟΣΕΣ

Προσέχετε ὅταν φοράτε τὰς γαλόσες σας νὰ μὴ εἶνε ἀπὸ καουτσούκ διὰ τὴν «ΒΡΕΚΑ» ποὺ ἔχει ὁ Χρυσανδάκης.

Ὁλόκληρος ἡ Μόδα
ΤΟΥ
ΕΦΕΤΕΙΝΟΥ ΧΕΙΜΩΝΟΣ
Τῆς Γαλλικῆς καὶ Ἀγγλικῆς
Ἀριστοκρατίας
εἰς σχέδια, σχήματα, χρώματα, τῶν ἐξοχωτέρων σχεδιαστῶν τῆς Εὐρώπης.
Ὑφάσματα
ἀπὸ τὸ μεταξίδερον καὶ μαλακώτερον μαλλί, κατάξενα διὰ τὴν ἀξία τῶν ἐνδύσεων μετάξης.
Ὅλαι αἱ Ἀθῆναι
Ὅλη ἡ Παλαιὰ καὶ ἡ Νέα Ἑλλὰς
Ὁλόκληρος ἡ Ἀνατολὴ
πηγαίνουν εἰς τὰ Καταστήματα τοῦ κ.
Ι. ΑΗΔΟΝΟΠΟΥΛΟΥ
διὰ νὰ κάμουν τὰς ἐκλεκτὰς χειμερινὰς προμηθείας των, ἐλκυόμενοι ἀπὸ τὴν κομψότητα, τὸν πλοῦτον καὶ τὸ μέγα μυστήριον:
τῆς ἀσυναγωνίστου εὐθηνίας
Ὑφάσματα διὰ Κυρίας
Genre Tailleur
ΤΑ ΚΑΤΑΣΤΗΜΑΤΑ ΠΑΝΤΟΤΕ
Ὁδὸς Αἰόλου ἀριθ. 72
Ἀριθμὸς Τηλεφώνου 777
Ἄπαντα τὰ εἴδη ἐκλέγονται παρὰ τοῦ ἰδίου κ.
ΑΗΔΟΝΟΠΟΥΛΟΥ
ΤΙΜΑΙ ΑΠΟΛΥΤΩΣ ΩΡΙΣΜΕΝΑΙ
ΕΘΝΙΚΗ ΑΤΜΟΠΛΟΙΑ ΤΗΣ ΕΛΛΑΔΟΣ
ΤΑΧΙΣΤΗ ΚΑΤ' ΕΥΘΕΙΑΝ ΔΙΑ ΝΕΑΝ ΥΟΡΚΗΝ ΓΡΑΜΜΗ
ΓΕΝΙΚΟΣ ΔΙΕΥΘΥΝΤΗΣ: ΛΕΩΝΙΔΑΣ ΕΜΠΕΙΡΙΚΟΣ
Τὸ νεοαγορασθὲν θαλαμηγὸν ὑπερωκεάνειον (ἀπαράμιλλον πολυτελείας καὶ ἀνέσεως)
ΘΕΣΣΑΛΟΝΙΚΗ
ΑΝΑΧΩΡΗΣΕΙ ΕΚ ΠΕΙΡΑΙΩΣ ΚΑΤ' ΕΥΘΕΙΑΝ ΔΙΑ Ν. ΥΟΡΚΗΝ ΤΗΝ 27 ΙΑΝΟΥΑΡΙΟΥ

Δι' ἐπιβάτας, εἰσιτήρια καὶ πᾶσαν πληροφορίαν, ἀπευθυντέον. ΕΝ ΑΘΗΝΑΙΣ Γραφεῖα Γεν. Διευθύνσεως ὁδὸς Ἀπόλλωνος 5. ΕΝ ΠΕΙΡΑΙΕΙ Γενικὸν Πρακτορεῖον, ὁδὸς Φίλωνος 44 (ὄπισθεν Ἁγ. Τριάδος).

ΣΗΜ. Οἱ θέλοντες ταξιδεύσωσιν θέσεις, ἀνάγκη νὰ δηλώσωσι τούτας ΕΓΚΑΙΡΩΣ εἰς τὸ Κεντρικὸν Πρακτορεῖον τῆς Ἑταιρείας καὶ τοὺς ἄλλους ΑΝΑΓΝΩΡΙΣΜΕΝΟΥΣ ἀντιπροσώπους.

Ὑποστηρίζετε τὰ Ἑλληνικὰ ἀτμόπλοια, ὑποστηρίζετε τὴν ΕΛΛΗΝΙΚΗΝ ΣΗΜΑΙΑΝ μεγαλύνετε τὴν Ἑλληνικὴν ΠΑΤΡΙΔΑ.
